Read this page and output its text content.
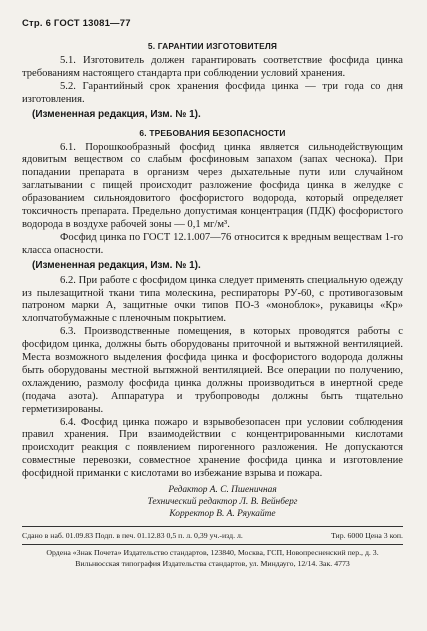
Стр. 6 ГОСТ 13081—77
5. ГАРАНТИИ ИЗГОТОВИТЕЛЯ

5.1. Изготовитель должен гарантировать соответствие фосфида цинка требованиям настоящего стандарта при соблюдении условий хранения.

5.2. Гарантийный срок хранения фосфида цинка — три года со дня изготовления.

(Измененная редакция, Изм. № 1).

6. ТРЕБОВАНИЯ БЕЗОПАСНОСТИ

6.1. Порошкообразный фосфид цинка является сильнодействующим ядовитым веществом со слабым фосфиновым запахом (запах чеснока). При попадании препарата в организм через дыхательные пути или случайном заглатывании с пищей происходит разложение фосфида цинка в желудке с образованием сильноядовитого фосфористого водорода, который определяет токсичность препарата. Предельно допустимая концентрация (ПДК) фосфористого водорода в воздухе рабочей зоны — 0,1 мг/м³.

Фосфид цинка по ГОСТ 12.1.007—76 относится к вредным веществам 1-го класса опасности.

(Измененная редакция, Изм. № 1).

6.2. При работе с фосфидом цинка следует применять специальную одежду из пылезащитной ткани типа молескина, респираторы РУ-60, с противогазовым патроном марки А, защитные очки типов ПО-3 «моноблок», рукавицы «Кр» хлопчатобумажные с пленочным покрытием.

6.3. Производственные помещения, в которых проводятся работы с фосфидом цинка, должны быть оборудованы приточной и вытяжной вентиляцией. Места возможного выделения фосфида цинка и фосфористого водорода должны быть оборудованы местной вытяжной вентиляцией. Все операции по получению, охлаждению, размолу фосфида цинка должны производиться в инертной среде (подача азота). Аппаратура и трубопроводы должны быть тщательно герметизированы.

6.4. Фосфид цинка пожаро и взрывобезопасен при условии соблюдения правил хранения. При взаимодействии с концентрированными кислотами происходит реакция с появлением пирогенного разложения. Не допускаются совместные перевозки, совместное хранение фосфида цинка и изготовление фосфидной приманки с кислотами во избежание взрыва и пожара.

Редактор А. С. Пшеничная
Технический редактор Л. В. Вейнберг
Корректор В. А. Ряукайте
Сдано в наб. 01.09.83 Подп. в печ. 01.12.83 0,5 п. л. 0,39 уч.-изд. л.	Тир. 6000 Цена 3 коп.
Ордена «Знак Почета» Издательство стандартов, 123840, Москва, ГСП, Новопресненский пер., д. 3.
Вильнюсская типография Издательства стандартов, ул. Миндауго, 12/14. Зак. 4773
